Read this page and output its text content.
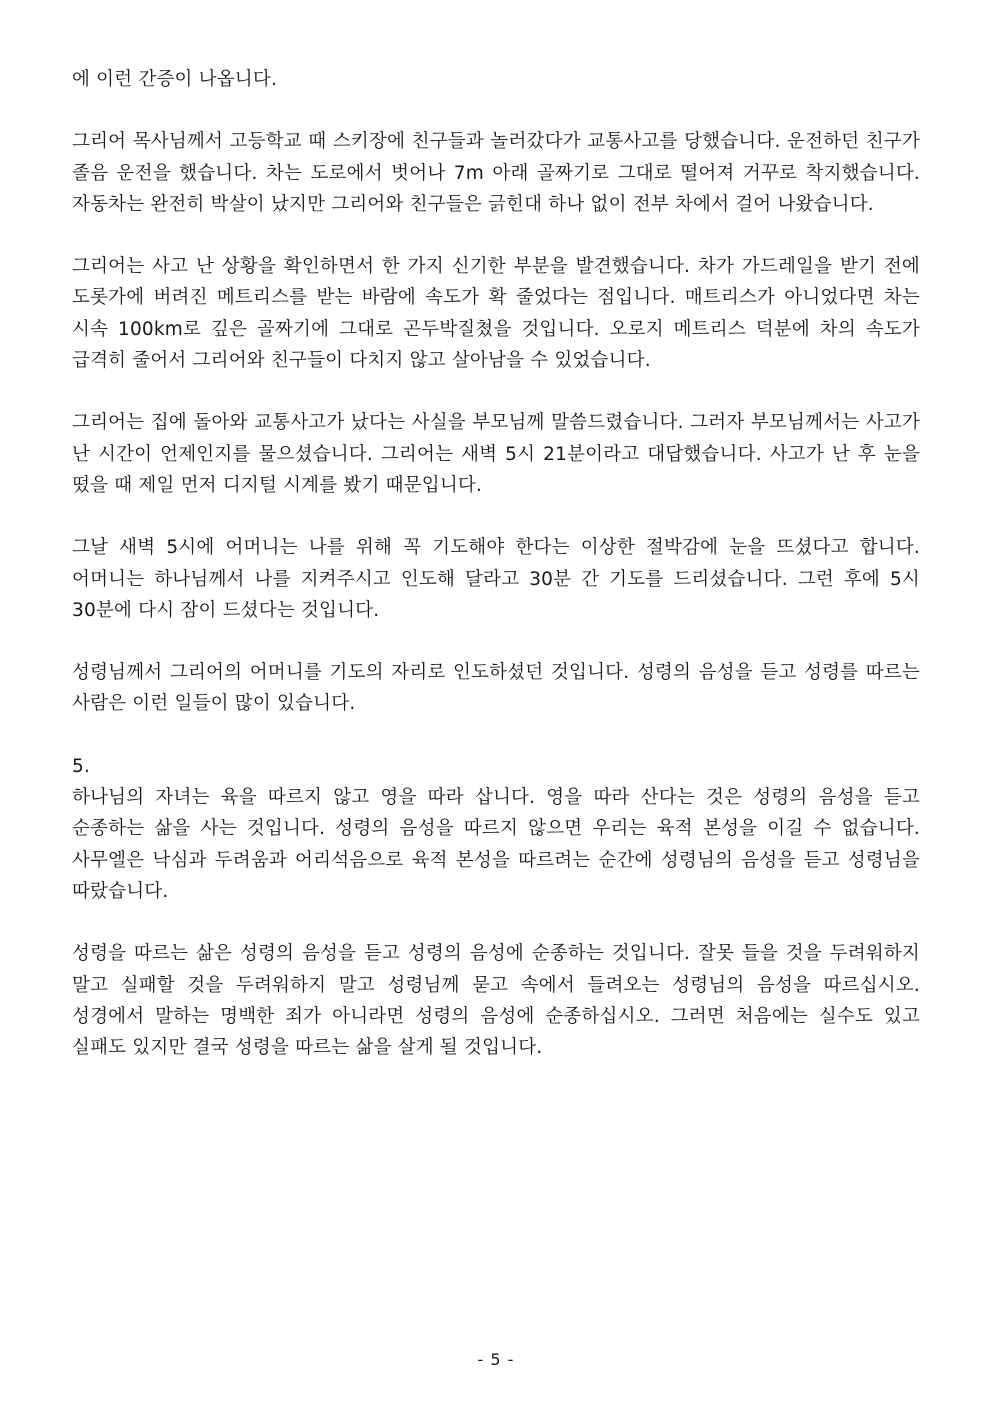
에 이런 간증이 나옵니다.

그리어 목사님께서 고등학교 때 스키장에 친구들과 놀러갔다가 교통사고를 당했습니다. 운전하던 친구가 졸음 운전을 했습니다. 차는 도로에서 벗어나 7m 아래 골짜기로 그대로 떨어져 거꾸로 착지했습니다. 자동차는 완전히 박살이 났지만 그리어와 친구들은 긁힌대 하나 없이 전부 차에서 걸어 나왔습니다.

그리어는 사고 난 상황을 확인하면서 한 가지 신기한 부분을 발견했습니다. 차가 가드레일을 받기 전에 도롯가에 버려진 메트리스를 받는 바람에 속도가 확 줄었다는 점입니다. 매트리스가 아니었다면 차는 시속 100km로 깊은 골짜기에 그대로 곤두박질쳤을 것입니다. 오로지 메트리스 덕분에 차의 속도가 급격히 줄어서 그리어와 친구들이 다치지 않고 살아남을 수 있었습니다.

그리어는 집에 돌아와 교통사고가 났다는 사실을 부모님께 말씀드렸습니다. 그러자 부모님께서는 사고가 난 시간이 언제인지를 물으셨습니다. 그리어는 새벽 5시 21분이라고 대답했습니다. 사고가 난 후 눈을 떴을 때 제일 먼저 디지털 시계를 봤기 때문입니다.

그날 새벽 5시에 어머니는 나를 위해 꼭 기도해야 한다는 이상한 절박감에 눈을 뜨셨다고 합니다. 어머니는 하나님께서 나를 지켜주시고 인도해 달라고 30분 간 기도를 드리셨습니다. 그런 후에 5시 30분에 다시 잠이 드셨다는 것입니다.

성령님께서 그리어의 어머니를 기도의 자리로 인도하셨던 것입니다. 성령의 음성을 듣고 성령를 따르는 사람은 이런 일들이 많이 있습니다.

5.

하나님의 자녀는 육을 따르지 않고 영을 따라 삽니다. 영을 따라 산다는 것은 성령의 음성을 듣고 순종하는 삶을 사는 것입니다. 성령의 음성을 따르지 않으면 우리는 육적 본성을 이길 수 없습니다. 사무엘은 낙심과 두려움과 어리석음으로 육적 본성을 따르려는 순간에 성령님의 음성을 듣고 성령님을 따랐습니다.

성령을 따르는 삶은 성령의 음성을 듣고 성령의 음성에 순종하는 것입니다. 잘못 들을 것을 두려워하지 말고 실패할 것을 두려워하지 말고 성령님께 묻고 속에서 들려오는 성령님의 음성을 따르십시오. 성경에서 말하는 명백한 죄가 아니라면 성령의 음성에 순종하십시오. 그러면 처음에는 실수도 있고 실패도 있지만 결국 성령을 따르는 삶을 살게 될 것입니다.

- 5 -
